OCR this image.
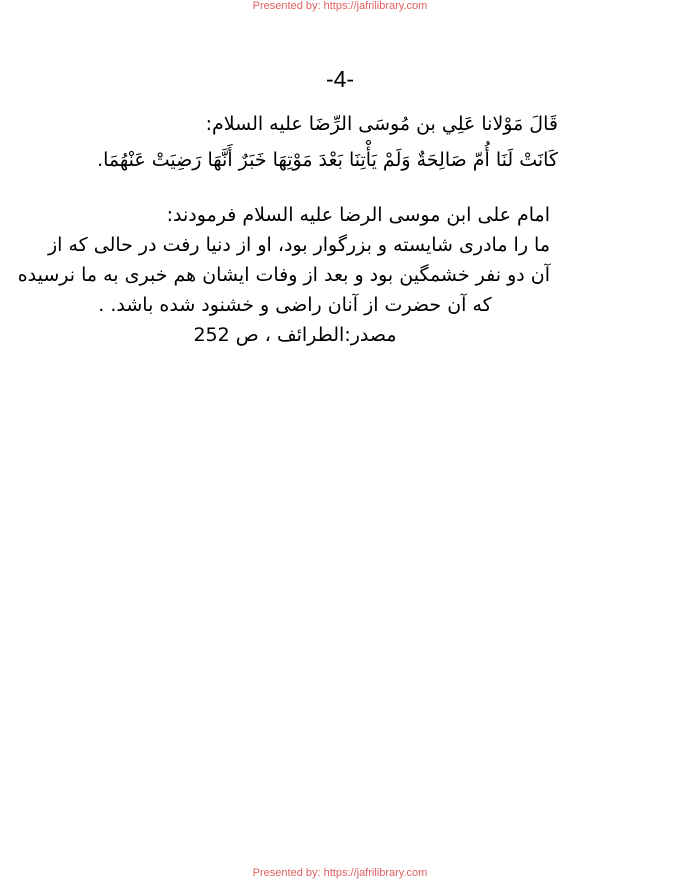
Presented by: https://jafrilibrary.com
-4-
قَالَ مَوْلانا عَلِي بن مُوسَى الرِّضَا عليه السلام:
كَانَتْ لَنَا أُمّ صَالِحَةٌ وَلَمْ يَأْتِنَا بَعْدَ مَوْتِهَا خَبَرٌ أَنَّهَا رَضِيَتْ عَنْهُمَا.
امام على ابن موسى الرضا عليه السلام فرمودند:
ما را مادرى شايسته و بزرگوار بود، او از دنيا رفت در حالى كه از
آن دو نفر خشمگين بود و بعد از وفات ايشان هم خبرى به ما نرسيده
كه آن حضرت از آنان راضى و خشنود شده باشد. .
مصدر:الطرائف ، ص 252
Presented by: https://jafrilibrary.com
